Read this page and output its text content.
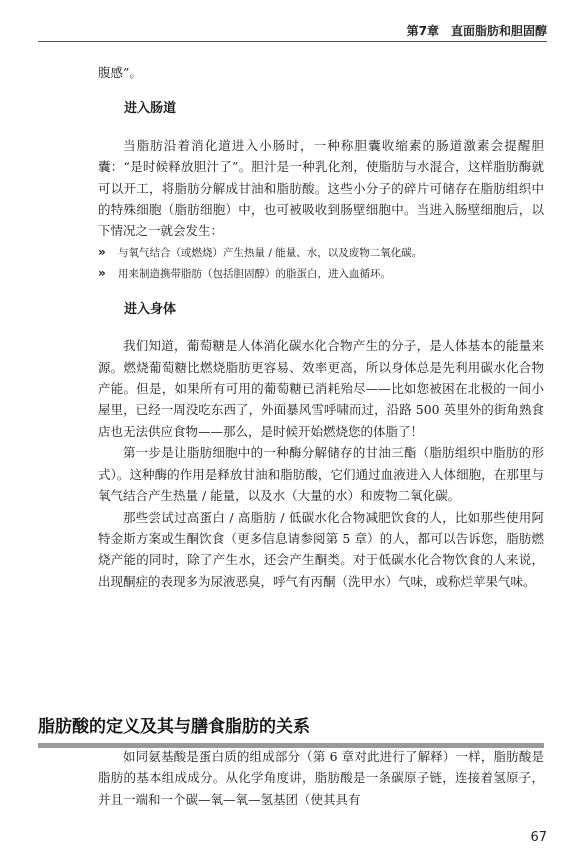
第7章　直面脂肪和胆固醇

腹感”。

进入肠道

当脂肪沿着消化道进入小肠时，一种称胆囊收缩素的肠道激素会提醒胆囊：“是时候释放胆汁了”。胆汁是一种乳化剂，使脂肪与水混合，这样脂肪酶就可以开工，将脂肪分解成甘油和脂肪酸。这些小分子的碎片可储存在脂肪组织中的特殊细胞（脂肪细胞）中，也可被吸收到肠壁细胞中。当进入肠壁细胞后，以下情况之一就会发生：

»	与氧气结合（或燃烧）产生热量 / 能量、水，以及废物二氧化碳。
»	用来制造携带脂肪（包括胆固醇）的脂蛋白，进入血循环。
进入身体

我们知道，葡萄糖是人体消化碳水化合物产生的分子，是人体基本的能量来源。燃烧葡萄糖比燃烧脂肪更容易、效率更高，所以身体总是先利用碳水化合物产能。但是，如果所有可用的葡萄糖已消耗殆尽——比如您被困在北极的一间小屋里，已经一周没吃东西了，外面暴风雪呼啸而过，沿路 500 英里外的街角熟食店也无法供应食物——那么，是时候开始燃烧您的体脂了！

第一步是让脂肪细胞中的一种酶分解储存的甘油三酯（脂肪组织中脂肪的形式）。这种酶的作用是释放甘油和脂肪酸，它们通过血液进入人体细胞，在那里与氧气结合产生热量 / 能量，以及水（大量的水）和废物二氧化碳。

那些尝试过高蛋白 / 高脂肪 / 低碳水化合物减肥饮食的人，比如那些使用阿特金斯方案或生酮饮食（更多信息请参阅第 5 章）的人，都可以告诉您，脂肪燃烧产能的同时，除了产生水，还会产生酮类。对于低碳水化合物饮食的人来说，出现酮症的表现多为尿液恶臭，呼气有丙酮（洗甲水）气味，或称烂苹果气味。

脂肪酸的定义及其与膳食脂肪的关系

如同氨基酸是蛋白质的组成部分（第 6 章对此进行了解释）一样，脂肪酸是脂肪的基本组成成分。从化学角度讲，脂肪酸是一条碳原子链，连接着氢原子，并且一端和一个碳—氧—氧—氢基团（使其具有

67
